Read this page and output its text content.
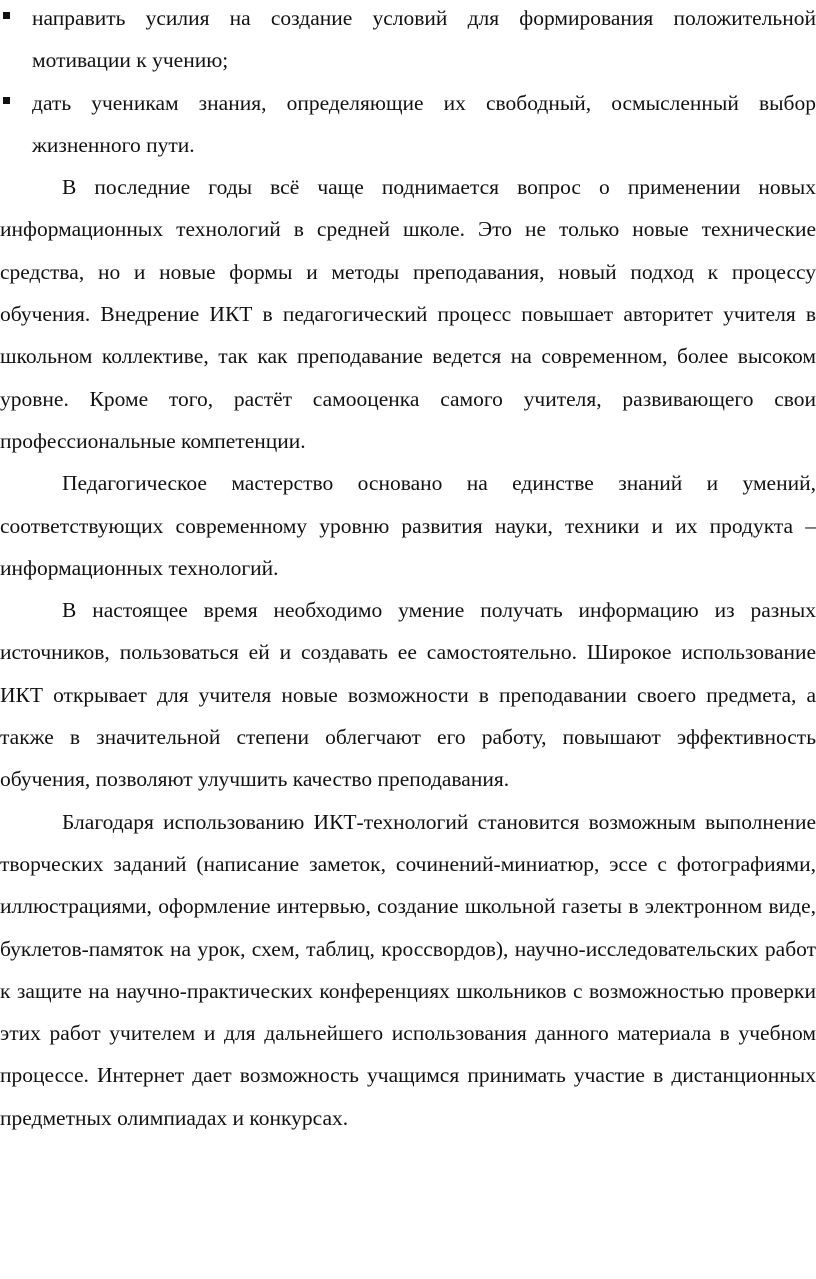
направить усилия на создание условий для формирования положительной мотивации к учению;
дать ученикам знания, определяющие их свободный, осмысленный выбор жизненного пути.

В последние годы всё чаще поднимается вопрос о применении новых информационных технологий в средней школе. Это не только новые технические средства, но и новые формы и методы преподавания, новый подход к процессу обучения. Внедрение ИКТ в педагогический процесс повышает авторитет учителя в школьном коллективе, так как преподавание ведется на современном, более высоком уровне. Кроме того, растёт самооценка самого учителя, развивающего свои профессиональные компетенции.

Педагогическое мастерство основано на единстве знаний и умений, соответствующих современному уровню развития науки, техники и их продукта – информационных технологий.

В настоящее время необходимо умение получать информацию из разных источников, пользоваться ей и создавать ее самостоятельно. Широкое использование ИКТ открывает для учителя новые возможности в преподавании своего предмета, а также в значительной степени облегчают его работу, повышают эффективность обучения, позволяют улучшить качество преподавания.

Благодаря использованию ИКТ-технологий становится возможным выполнение творческих заданий (написание заметок, сочинений-миниатюр, эссе с фотографиями, иллюстрациями, оформление интервью, создание школьной газеты в электронном виде, буклетов-памяток на урок, схем, таблиц, кроссвордов), научно-исследовательских работ к защите на научно-практических конференциях школьников с возможностью проверки этих работ учителем и для дальнейшего использования данного материала в учебном процессе. Интернет дает возможность учащимся принимать участие в дистанционных предметных олимпиадах и конкурсах.
